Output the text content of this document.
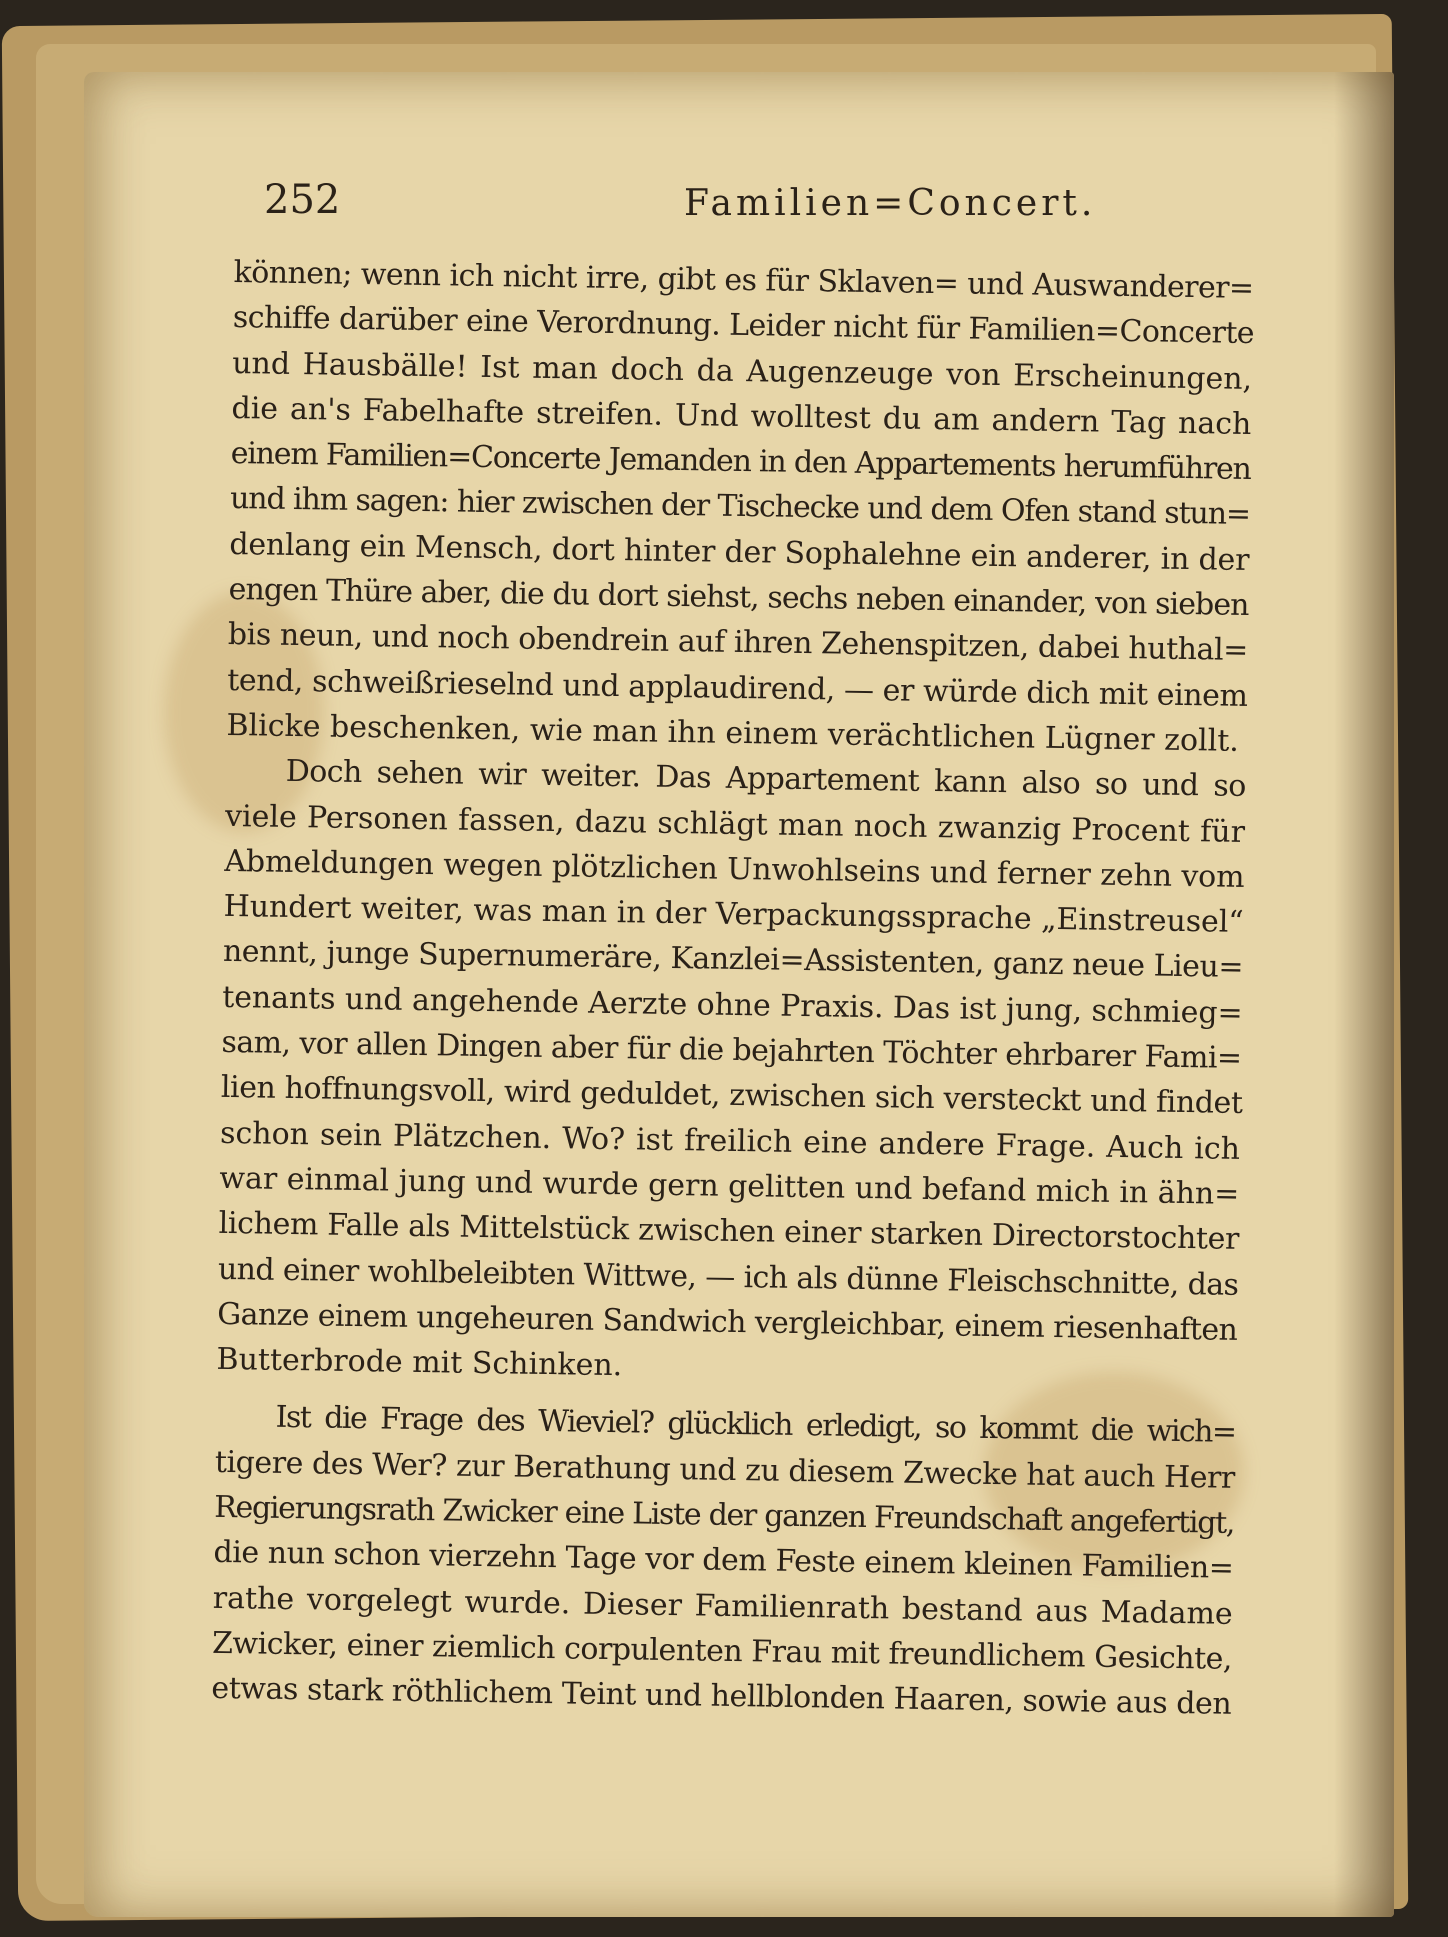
252	Familien=Concert.

können; wenn ich nicht irre, gibt es für Sklaven= und Auswanderer=
schiffe darüber eine Verordnung. Leider nicht für Familien=Concerte
und Hausbälle! Ist man doch da Augenzeuge von Erscheinungen,
die an's Fabelhafte streifen. Und wolltest du am andern Tag nach
einem Familien=Concerte Jemanden in den Appartements herumführen
und ihm sagen: hier zwischen der Tischecke und dem Ofen stand stun=
denlang ein Mensch, dort hinter der Sophalehne ein anderer, in der
engen Thüre aber, die du dort siehst, sechs neben einander, von sieben
bis neun, und noch obendrein auf ihren Zehenspitzen, dabei huthal=
tend, schweißrieselnd und applaudirend, — er würde dich mit einem
Blicke beschenken, wie man ihn einem verächtlichen Lügner zollt.

Doch sehen wir weiter. Das Appartement kann also so und so
viele Personen fassen, dazu schlägt man noch zwanzig Procent für
Abmeldungen wegen plötzlichen Unwohlseins und ferner zehn vom
Hundert weiter, was man in der Verpackungssprache „Einstreusel“
nennt, junge Supernumeräre, Kanzlei=Assistenten, ganz neue Lieu=
tenants und angehende Aerzte ohne Praxis. Das ist jung, schmieg=
sam, vor allen Dingen aber für die bejahrten Töchter ehrbarer Fami=
lien hoffnungsvoll, wird geduldet, zwischen sich versteckt und findet
schon sein Plätzchen. Wo? ist freilich eine andere Frage. Auch ich
war einmal jung und wurde gern gelitten und befand mich in ähn=
lichem Falle als Mittelstück zwischen einer starken Directorstochter
und einer wohlbeleibten Wittwe, — ich als dünne Fleischschnitte, das
Ganze einem ungeheuren Sandwich vergleichbar, einem riesenhaften
Butterbrode mit Schinken.

Ist die Frage des Wieviel? glücklich erledigt, so kommt die wich=
tigere des Wer? zur Berathung und zu diesem Zwecke hat auch Herr
Regierungsrath Zwicker eine Liste der ganzen Freundschaft angefertigt,
die nun schon vierzehn Tage vor dem Feste einem kleinen Familien=
rathe vorgelegt wurde. Dieser Familienrath bestand aus Madame
Zwicker, einer ziemlich corpulenten Frau mit freundlichem Gesichte,
etwas stark röthlichem Teint und hellblonden Haaren, sowie aus den
